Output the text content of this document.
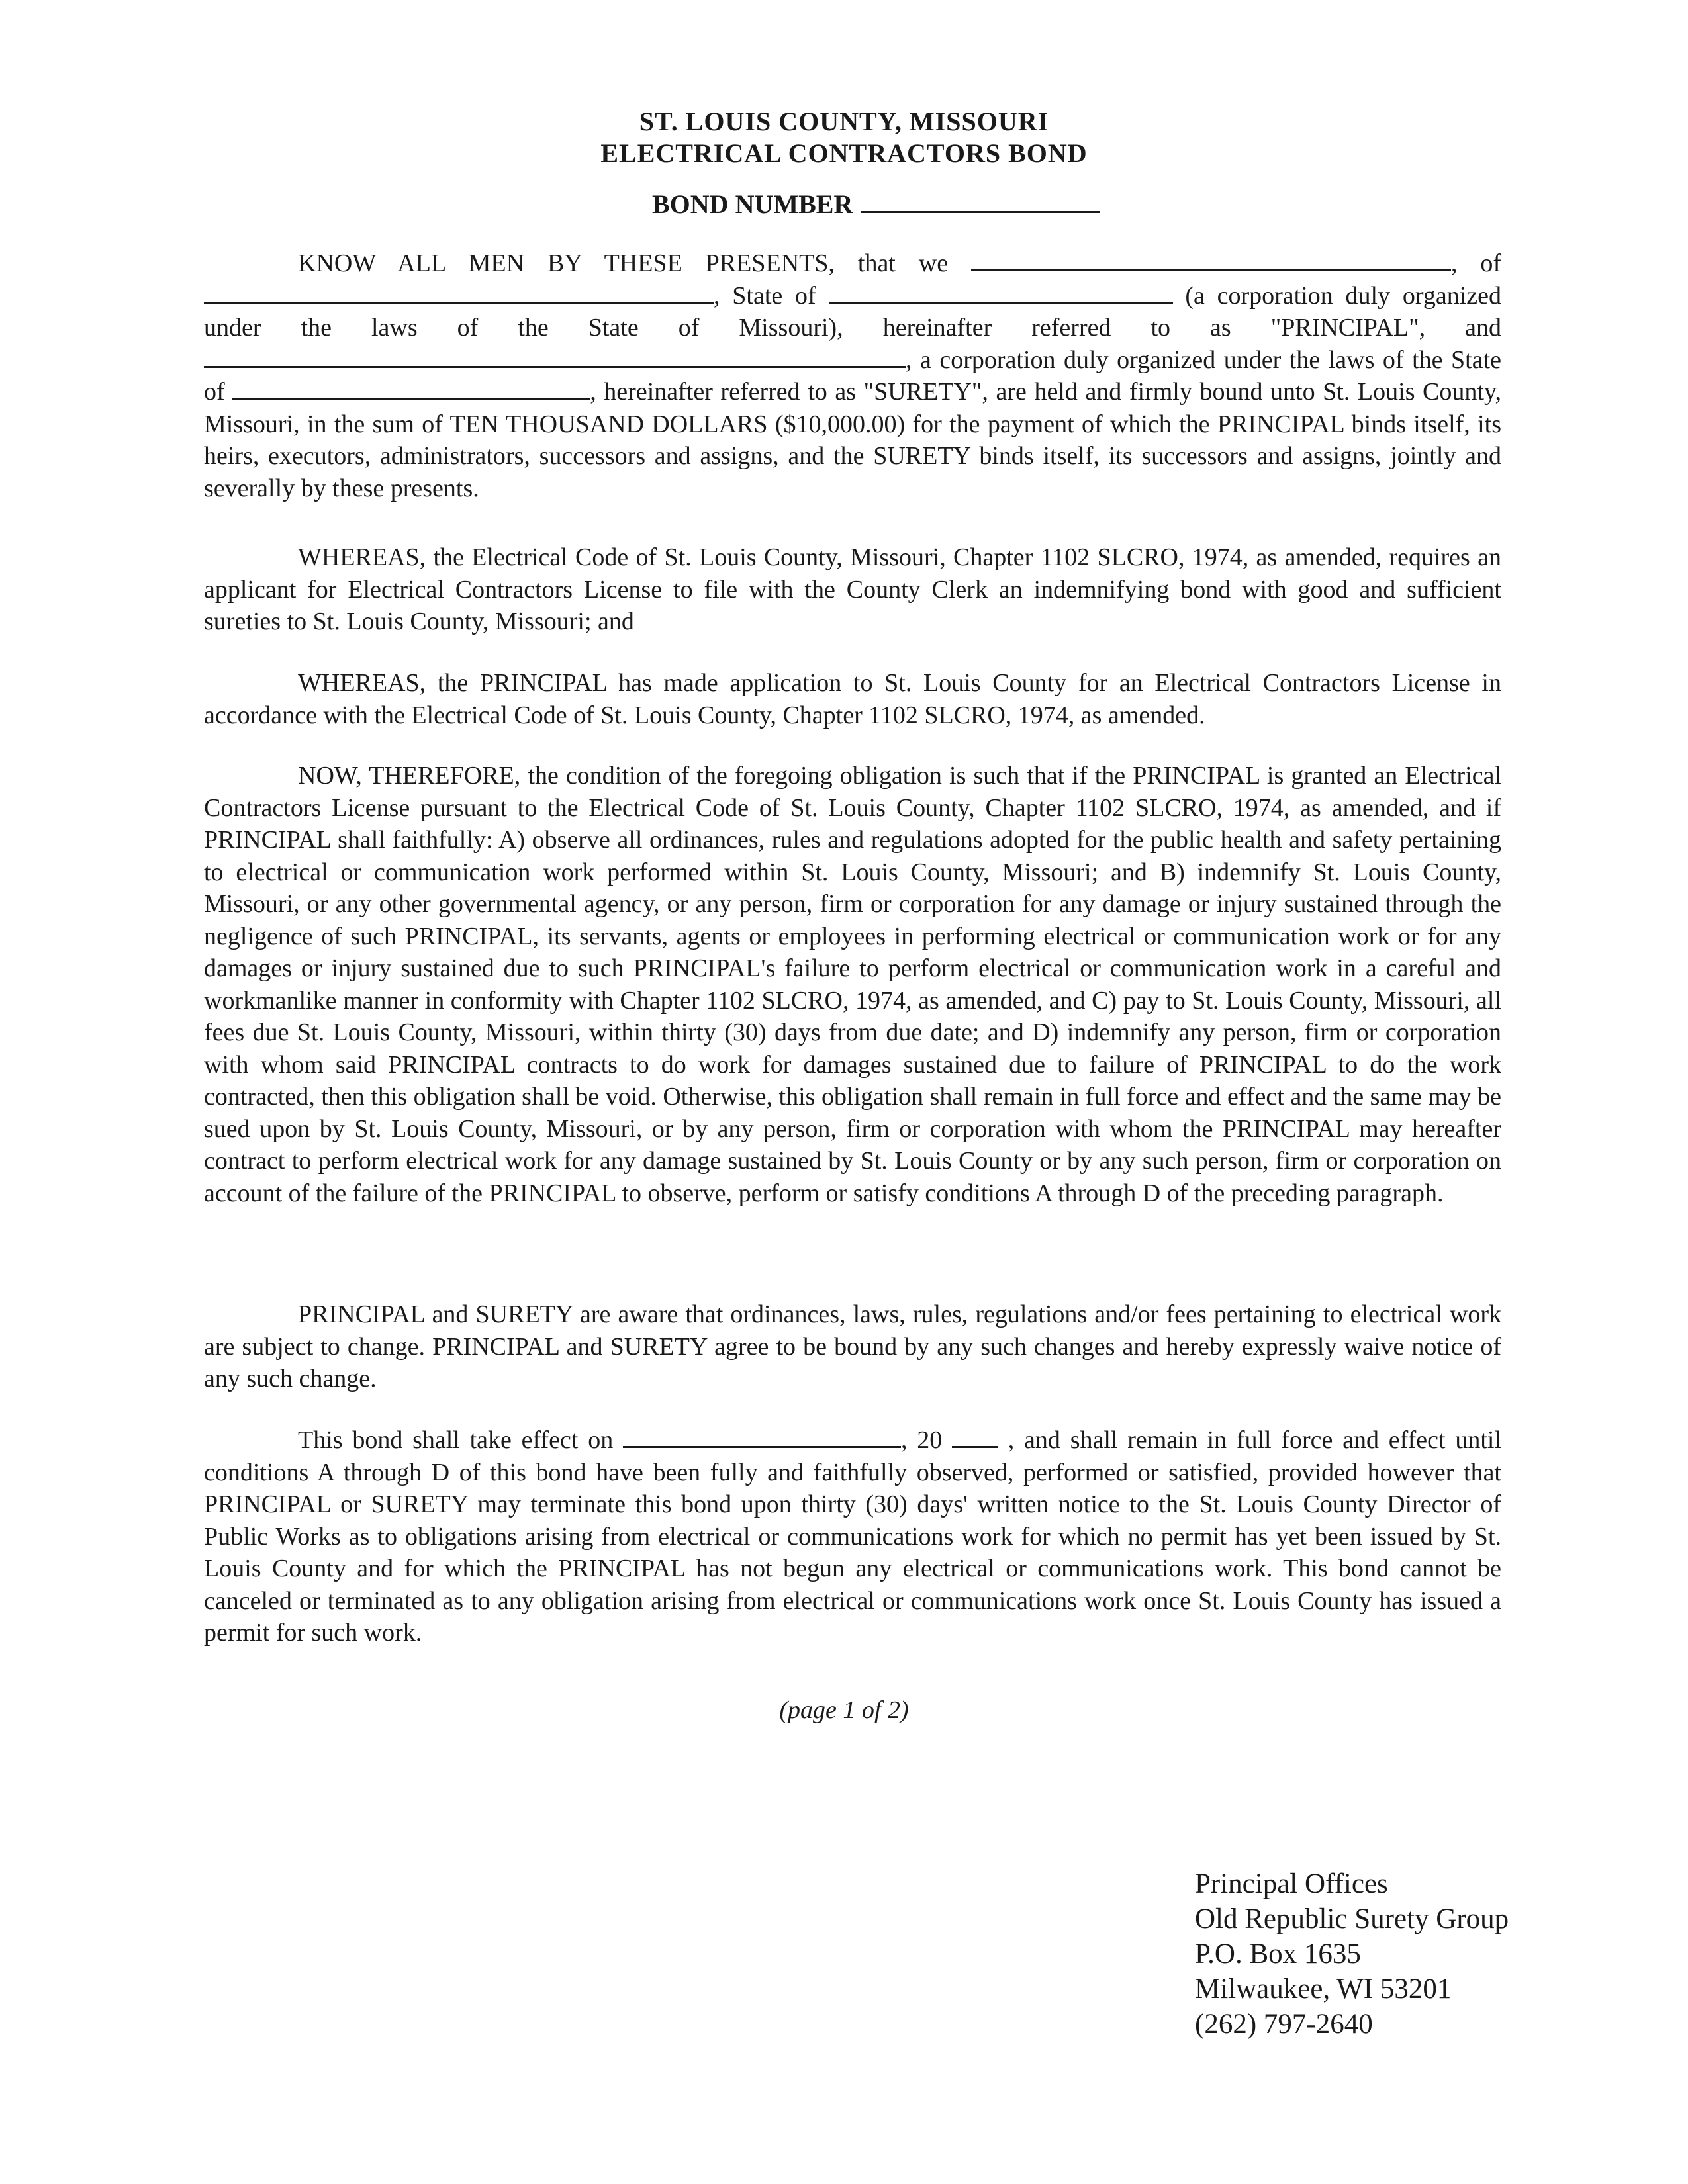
ST. LOUIS COUNTY, MISSOURI
ELECTRICAL CONTRACTORS BOND
BOND NUMBER

KNOW ALL MEN BY THESE PRESENTS, that we	, of , State of	(a corporation duly organized under the laws of the State of Missouri), hereinafter referred to as "PRINCIPAL", and , a corporation duly organized under the laws of the State of	, hereinafter referred to as "SURETY", are held and firmly bound unto St. Louis County, Missouri, in the sum of TEN THOUSAND DOLLARS ($10,000.00) for the payment of which the PRINCIPAL binds itself, its heirs, executors, administrators, successors and assigns, and the SURETY binds itself, its successors and assigns, jointly and severally by these presents.

WHEREAS, the Electrical Code of St. Louis County, Missouri, Chapter 1102 SLCRO, 1974, as amended, requires an applicant for Electrical Contractors License to file with the County Clerk an indemnifying bond with good and sufficient sureties to St. Louis County, Missouri; and

WHEREAS, the PRINCIPAL has made application to St. Louis County for an Electrical Contractors License in accordance with the Electrical Code of St. Louis County, Chapter 1102 SLCRO, 1974, as amended.

NOW, THEREFORE, the condition of the foregoing obligation is such that if the PRINCIPAL is granted an Electrical Contractors License pursuant to the Electrical Code of St. Louis County, Chapter 1102 SLCRO, 1974, as amended, and if PRINCIPAL shall faithfully: A) observe all ordinances, rules and regulations adopted for the public health and safety pertaining to electrical or communication work performed within St. Louis County, Missouri; and B) indemnify St. Louis County, Missouri, or any other governmental agency, or any person, firm or corporation for any damage or injury sustained through the negligence of such PRINCIPAL, its servants, agents or employees in performing electrical or communication work or for any damages or injury sustained due to such PRINCIPAL's failure to perform electrical or communication work in a careful and workmanlike manner in conformity with Chapter 1102 SLCRO, 1974, as amended, and C) pay to St. Louis County, Missouri, all fees due St. Louis County, Missouri, within thirty (30) days from due date; and D) indemnify any person, firm or corporation with whom said PRINCIPAL contracts to do work for damages sustained due to failure of PRINCIPAL to do the work contracted, then this obligation shall be void. Otherwise, this obligation shall remain in full force and effect and the same may be sued upon by St. Louis County, Missouri, or by any person, firm or corporation with whom the PRINCIPAL may hereafter contract to perform electrical work for any damage sustained by St. Louis County or by any such person, firm or corporation on account of the failure of the PRINCIPAL to observe, perform or satisfy conditions A through D of the preceding paragraph.

PRINCIPAL and SURETY are aware that ordinances, laws, rules, regulations and/or fees pertaining to electrical work are subject to change. PRINCIPAL and SURETY agree to be bound by any such changes and hereby expressly waive notice of any such change.

This bond shall take effect on	, 20	, and shall remain in full force and effect until conditions A through D of this bond have been fully and faithfully observed, performed or satisfied, provided however that PRINCIPAL or SURETY may terminate this bond upon thirty (30) days' written notice to the St. Louis County Director of Public Works as to obligations arising from electrical or communications work for which no permit has yet been issued by St. Louis County and for which the PRINCIPAL has not begun any electrical or communications work. This bond cannot be canceled or terminated as to any obligation arising from electrical or communications work once St. Louis County has issued a permit for such work.

(page 1 of 2)
Principal Offices
Old Republic Surety Group
P.O. Box 1635
Milwaukee, WI 53201
(262) 797-2640
